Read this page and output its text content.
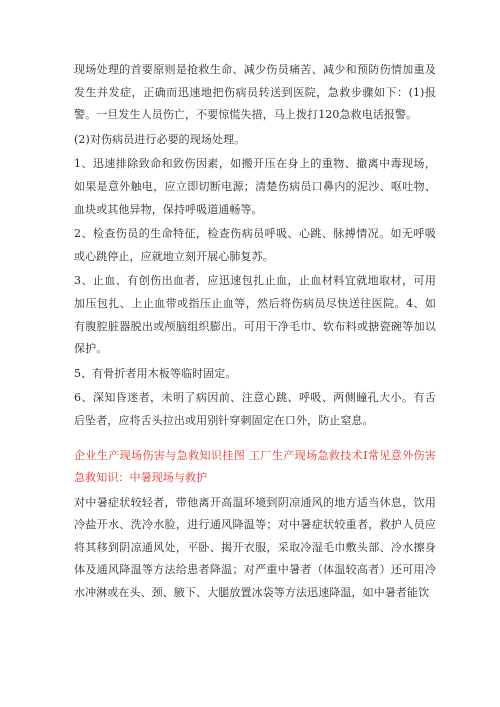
现场处理的首要原则是抢救生命、减少伤员痛苦、减少和预防伤情加重及发生并发症，正确而迅速地把伤病员转送到医院，急救步骤如下：(1)报警。一旦发生人员伤亡，不要惊慌失措，马上拨打120急救电话报警。

(2)对伤病员进行必要的现场处理。

1、迅速排除致命和致伤因素，如搬开压在身上的重物、撤离中毒现场，如果是意外触电，应立即切断电源；清楚伤病员口鼻内的泥沙、呕吐物、血块或其他异物，保持呼吸道通畅等。

2、检查伤员的生命特征，检查伤病员呼吸、心跳、脉搏情况。如无呼吸或心跳停止，应就地立刻开展心肺复苏。

3、止血、有创伤出血者，应迅速包扎止血，止血材料宜就地取材，可用加压包扎、上止血带或指压止血等，然后将伤病员尽快送往医院。4、如有腹腔脏器脱出或颅脑组织膨出。可用干净毛巾、软布料或搪瓷碗等加以保护。

5、有骨折者用木板等临时固定。

6、深知昏迷者，未明了病因前、注意心跳、呼吸、两侧瞳孔大小。有舌后坠者，应将舌头拉出或用别针穿刺固定在口外，防止窒息。

企业生产现场伤害与急救知识挂图 工厂生产现场急救技术I常见意外伤害急救知识：中暑现场与救护

对中暑症状较轻者，带他离开高温环境到阴凉通风的地方适当休息，饮用冷盐开水、洗冷水脸，进行通风降温等；对中暑症状较重者，救护人员应将其移到阴凉通风处，平卧、揭开衣服，采取冷湿毛巾敷头部、冷水擦身体及通风降温等方法给患者降温；对严重中暑者（体温较高者）还可用冷水冲淋或在头、颈、腋下、大腿放置冰袋等方法迅速降温，如中暑者能饮
